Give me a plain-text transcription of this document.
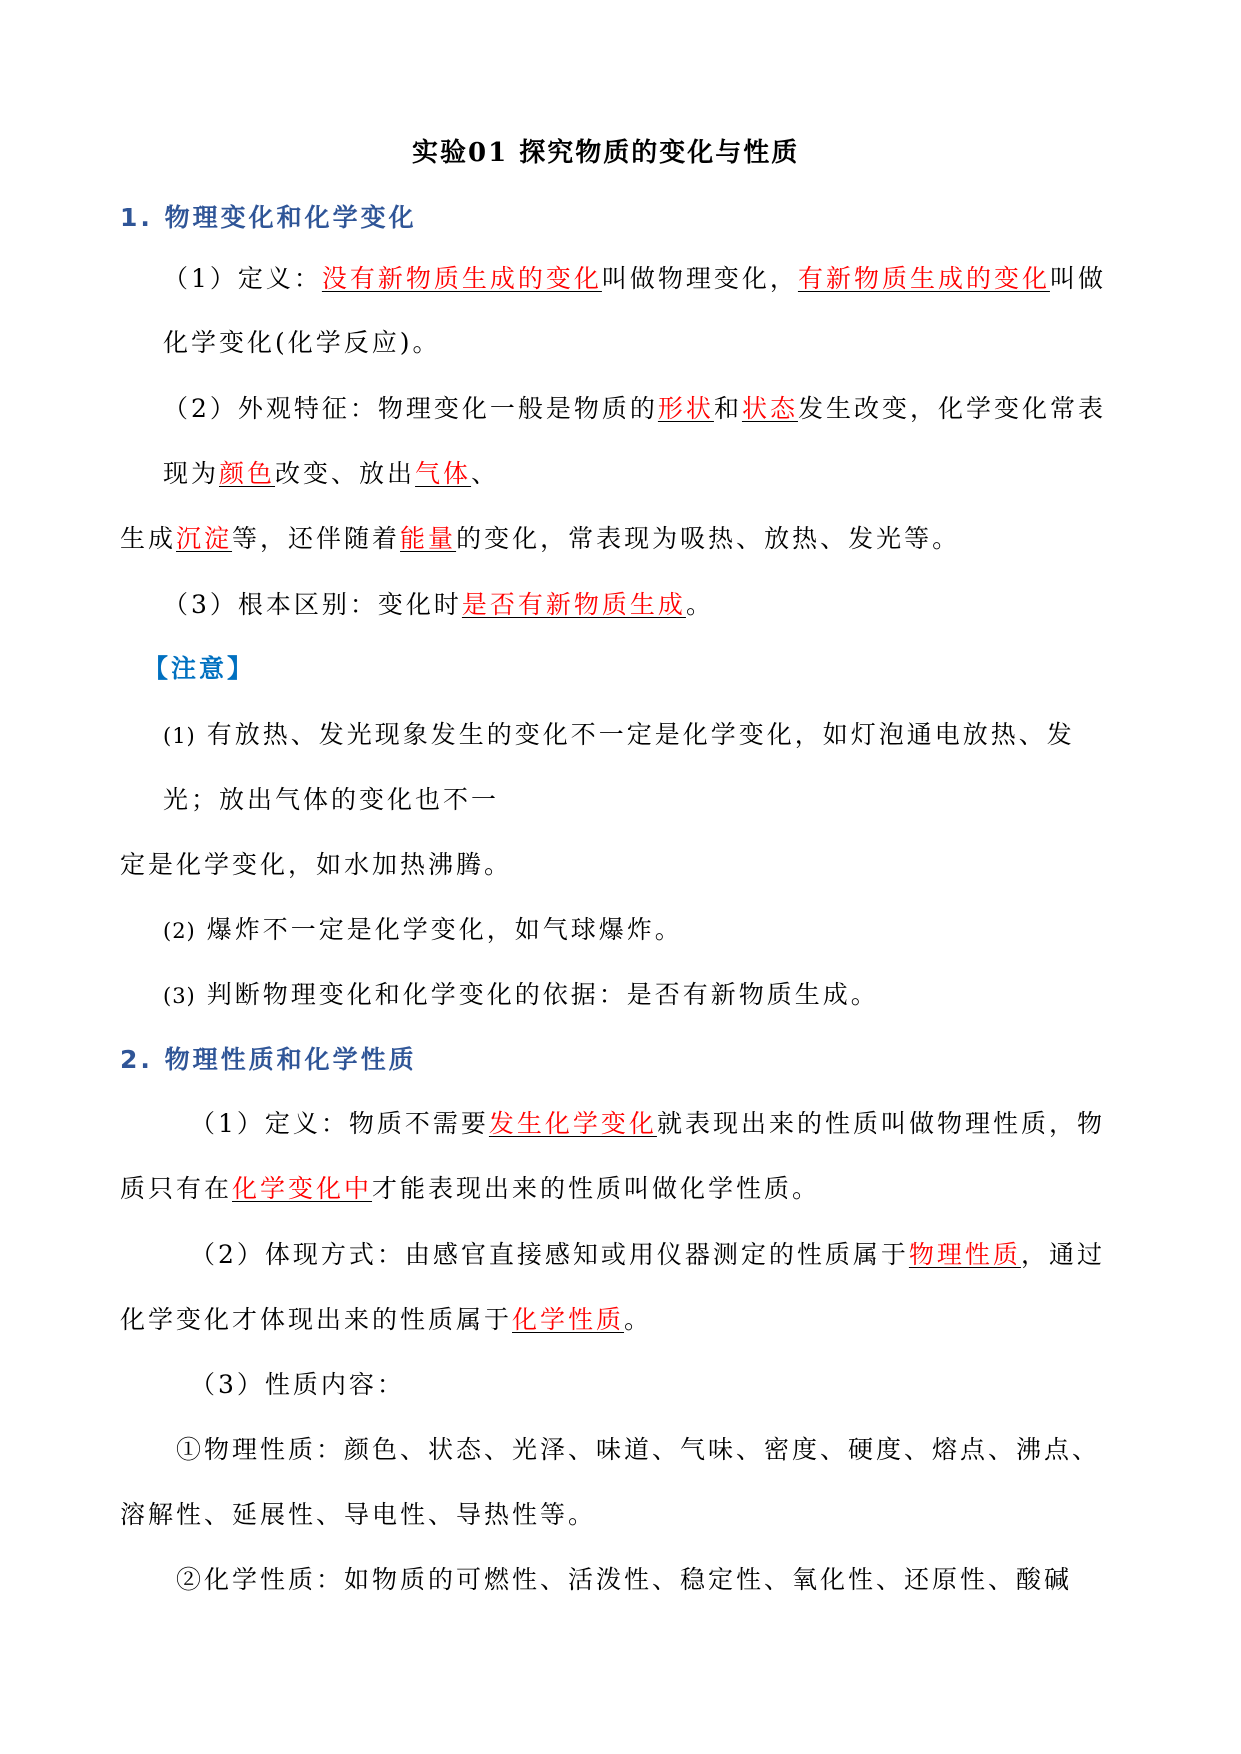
实验01 探究物质的变化与性质
1. 物理变化和化学变化
（1）定义：没有新物质生成的变化叫做物理变化，有新物质生成的变化叫做
化学变化(化学反应)。
（2）外观特征：物理变化一般是物质的形状和状态发生改变，化学变化常表
现为颜色改变、放出气体、
生成沉淀等，还伴随着能量的变化，常表现为吸热、放热、发光等。
（3）根本区别：变化时是否有新物质生成。
【注意】
(1) 有放热、发光现象发生的变化不一定是化学变化，如灯泡通电放热、发
光；放出气体的变化也不一
定是化学变化，如水加热沸腾。
(2) 爆炸不一定是化学变化，如气球爆炸。
(3) 判断物理变化和化学变化的依据：是否有新物质生成。
2. 物理性质和化学性质
（1）定义：物质不需要发生化学变化就表现出来的性质叫做物理性质，物
质只有在化学变化中才能表现出来的性质叫做化学性质。
（2）体现方式：由感官直接感知或用仪器测定的性质属于物理性质，通过
化学变化才体现出来的性质属于化学性质。
（3）性质内容：
①物理性质：颜色、状态、光泽、味道、气味、密度、硬度、熔点、沸点、
溶解性、延展性、导电性、导热性等。
②化学性质：如物质的可燃性、活泼性、稳定性、氧化性、还原性、酸碱
